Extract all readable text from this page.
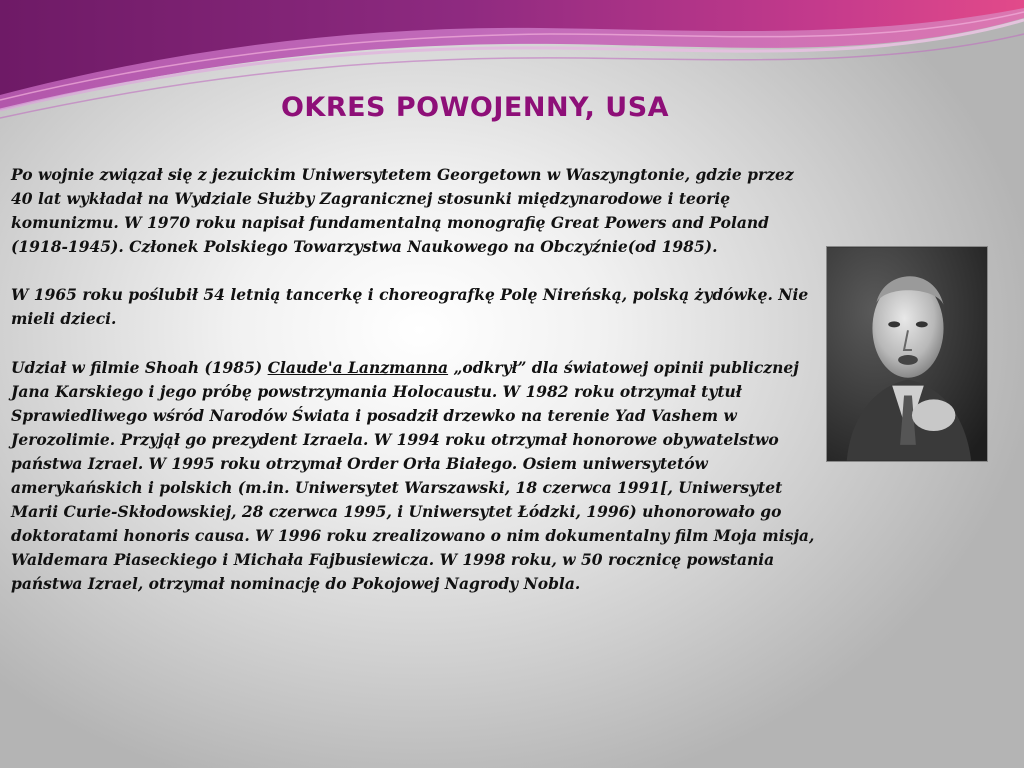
OKRES POWOJENNY, USA

Po wojnie związał się z jezuickim Uniwersytetem Georgetown w Waszyngtonie, gdzie przez 40 lat wykładał na Wydziale Służby Zagranicznej stosunki międzynarodowe i teorię komunizmu. W 1970 roku napisał fundamentalną monografię Great Powers and Poland (1918-1945). Członek Polskiego Towarzystwa Naukowego na Obczyźnie(od 1985).

W 1965 roku poślubił 54 letnią tancerkę i choreografkę Polę Nireńską, polską żydówkę. Nie mieli dzieci.

Udział w filmie Shoah (1985) Claude'a Lanzmanna „odkrył” dla światowej opinii publicznej Jana Karskiego i jego próbę powstrzymania Holocaustu. W 1982 roku otrzymał tytuł Sprawiedliwego wśród Narodów Świata i posadził drzewko na terenie Yad Vashem w Jerozolimie. Przyjął go prezydent Izraela. W 1994 roku otrzymał honorowe obywatelstwo państwa Izrael. W 1995 roku otrzymał Order Orła Białego. Osiem uniwersytetów amerykańskich i polskich (m.in. Uniwersytet Warszawski, 18 czerwca 1991[, Uniwersytet Marii Curie-Skłodowskiej, 28 czerwca 1995, i Uniwersytet Łódzki, 1996) uhonorowało go doktoratami honoris causa. W 1996 roku zrealizowano o nim dokumentalny film Moja misja, Waldemara Piaseckiego i Michała Fajbusiewicza. W 1998 roku, w 50 rocznicę powstania państwa Izrael, otrzymał nominację do Pokojowej Nagrody Nobla.
